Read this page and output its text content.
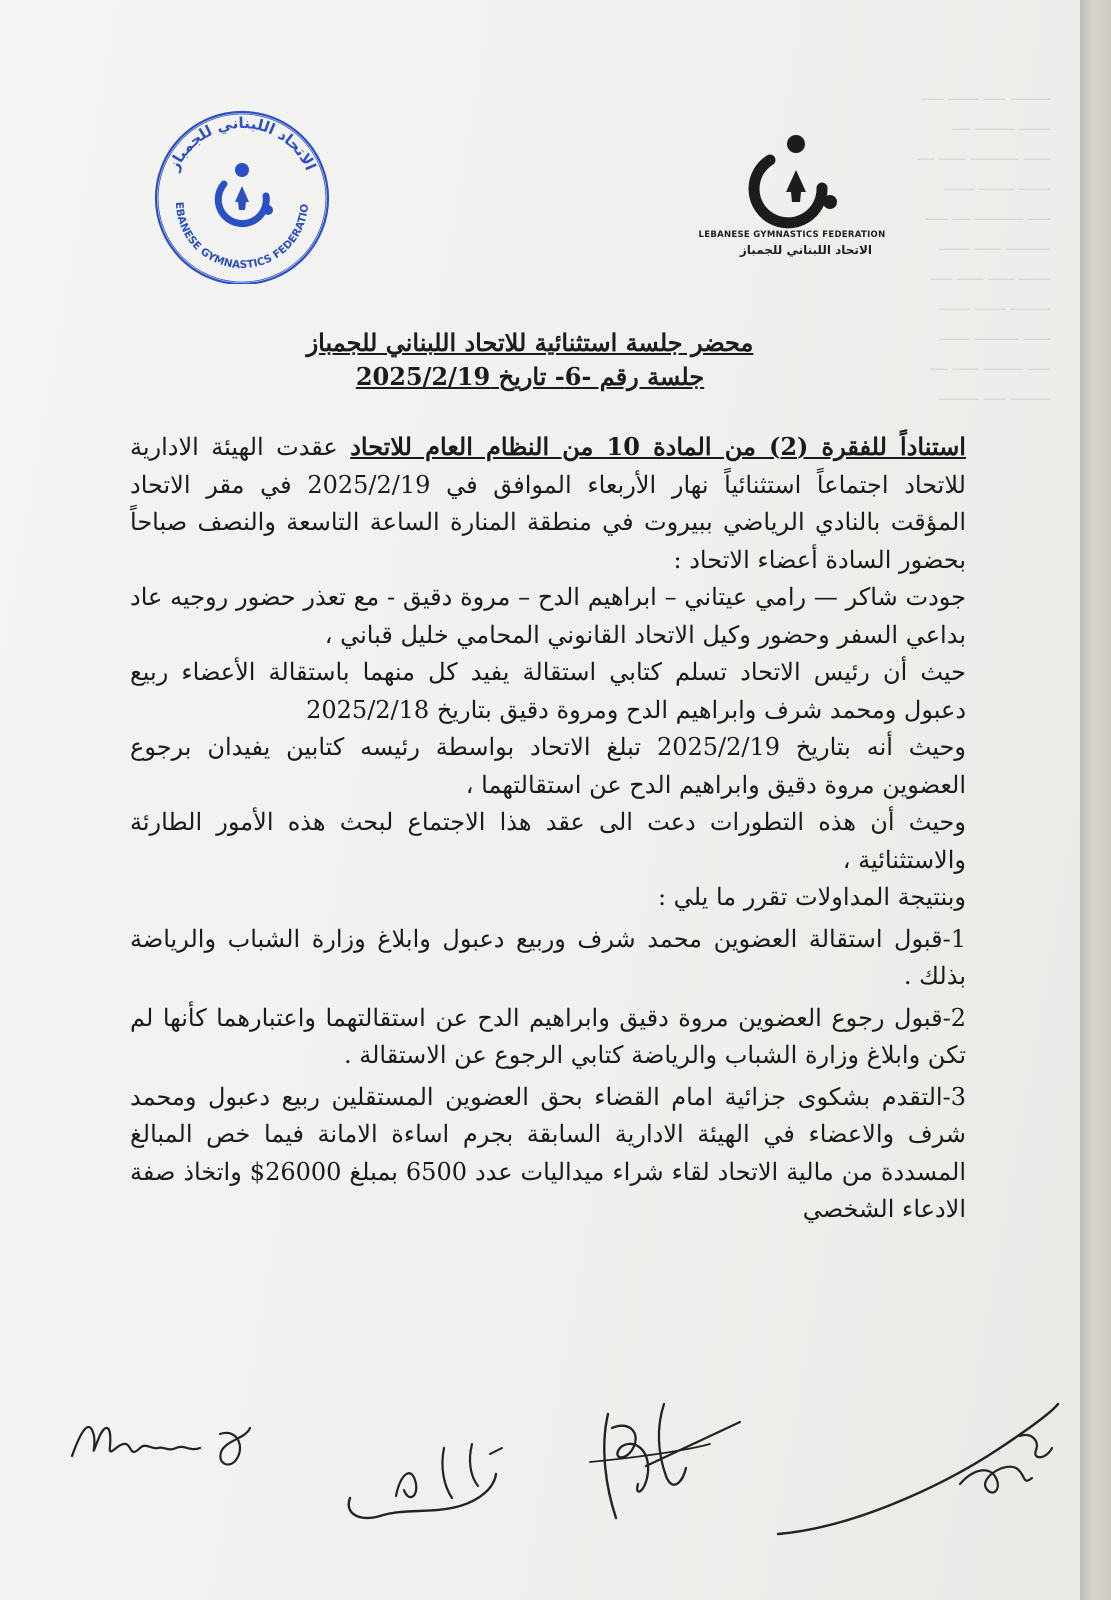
ـــــــــ ـــــ ـــــــ ـــــ
ـــــــ ـــــــــ ــــ
ــــــ ـــــــــــ ــــــ ــــ
ـــــــ ــــــــ ـــــــ
ـــــ ـــــــــــ ــــ ـــــ
ــــــــــ ــــــ ـــــــ
ـــــــ ــــــ ــــــ ـــــ
ـــــــــ ـــــــ ـــــــ
ــــــ ــــــــــ ـــــــ
ـــــ ـــــــــ ــــــ ــــ
ـــــــــ ـــــ ـــــــــ
الاتحاد اللبناني للجمباز
EBANESE GYMNASTICS FEDERATIO
LEBANESE GYMNASTICS FEDERATION
الاتحاد اللبناني للجمباز
محضر جلسة استثنائية للاتحاد اللبناني للجمباز
جلسة رقم -6- تاريخ 2025/2/19

استناداً للفقرة (2) من المادة 10 من النظام العام للاتحاد عقدت الهيئة الادارية للاتحاد اجتماعاً استثنائياً نهار الأربعاء الموافق في 2025/2/19 في مقر الاتحاد المؤقت بالنادي الرياضي ببيروت في منطقة المنارة الساعة التاسعة والنصف صباحاً بحضور السادة أعضاء الاتحاد :

جودت شاكر — رامي عيتاني – ابراهيم الدح – مروة دقيق - مع تعذر حضور روجيه عاد بداعي السفر وحضور وكيل الاتحاد القانوني المحامي خليل قباني ،

حيث أن رئيس الاتحاد تسلم كتابي استقالة يفيد كل منهما باستقالة الأعضاء ربيع دعبول ومحمد شرف وابراهيم الدح ومروة دقيق بتاريخ 2025/2/18

وحيث أنه بتاريخ 2025/2/19 تبلغ الاتحاد بواسطة رئيسه كتابين يفيدان برجوع العضوين مروة دقيق وابراهيم الدح عن استقالتهما ،

وحيث أن هذه التطورات دعت الى عقد هذا الاجتماع لبحث هذه الأمور الطارئة والاستثنائية ،

وبنتيجة المداولات تقرر ما يلي :

1-قبول استقالة العضوين محمد شرف وربيع دعبول وابلاغ وزارة الشباب والرياضة بذلك .
2-قبول رجوع العضوين مروة دقيق وابراهيم الدح عن استقالتهما واعتبارهما كأنها لم تكن وابلاغ وزارة الشباب والرياضة كتابي الرجوع عن الاستقالة .
3-التقدم بشكوى جزائية امام القضاء بحق العضوين المستقلين ربيع دعبول ومحمد شرف والاعضاء في الهيئة الادارية السابقة بجرم اساءة الامانة فيما خص المبالغ المسددة من مالية الاتحاد لقاء شراء ميداليات عدد 6500 بمبلغ 26000$ واتخاذ صفة الادعاء الشخصي
Marwa D
